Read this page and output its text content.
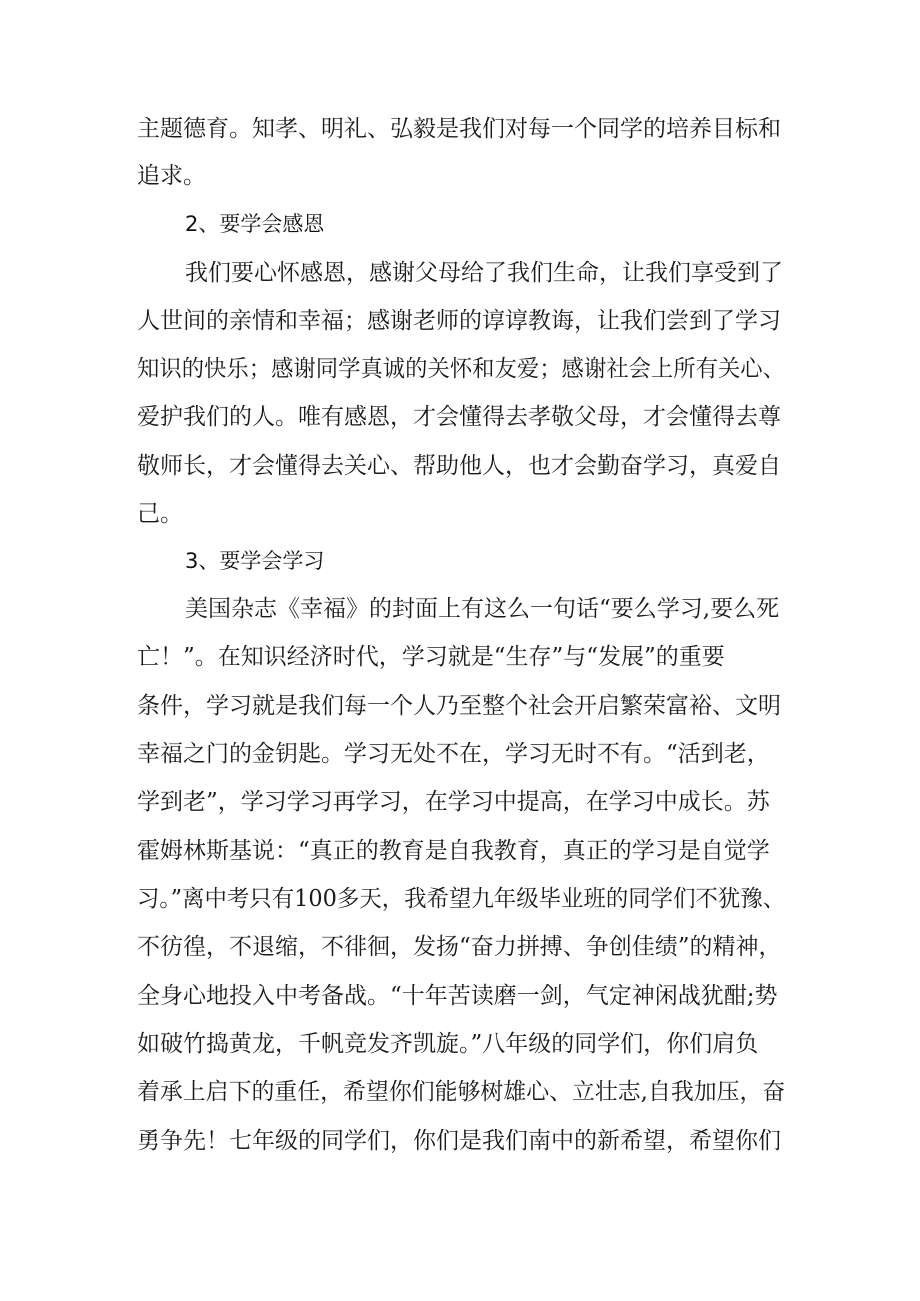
主题德育。知孝、明礼、弘毅是我们对每一个同学的培养目标和
追求。
2、要学会感恩
我们要心怀感恩，感谢父母给了我们生命，让我们享受到了
人世间的亲情和幸福；感谢老师的谆谆教诲，让我们尝到了学习
知识的快乐；感谢同学真诚的关怀和友爱；感谢社会上所有关心、
爱护我们的人。唯有感恩，才会懂得去孝敬父母，才会懂得去尊
敬师长，才会懂得去关心、帮助他人，也才会勤奋学习，真爱自
己。
3、要学会学习
美国杂志《幸福》的封面上有这么一句话“要么学习,要么死
亡！”。在知识经济时代，学习就是“生存”与“发展”的重要
条件，学习就是我们每一个人乃至整个社会开启繁荣富裕、文明
幸福之门的金钥匙。学习无处不在，学习无时不有。“活到老，
学到老”，学习学习再学习，在学习中提高，在学习中成长。苏
霍姆林斯基说：“真正的教育是自我教育，真正的学习是自觉学
习。”离中考只有100多天，我希望九年级毕业班的同学们不犹豫、
不彷徨，不退缩，不徘徊，发扬“奋力拼搏、争创佳绩”的精神，
全身心地投入中考备战。“十年苦读磨一剑，气定神闲战犹酣;势
如破竹捣黄龙，千帆竞发齐凯旋。”八年级的同学们，你们肩负
着承上启下的重任，希望你们能够树雄心、立壮志,自我加压，奋
勇争先！七年级的同学们，你们是我们南中的新希望，希望你们
